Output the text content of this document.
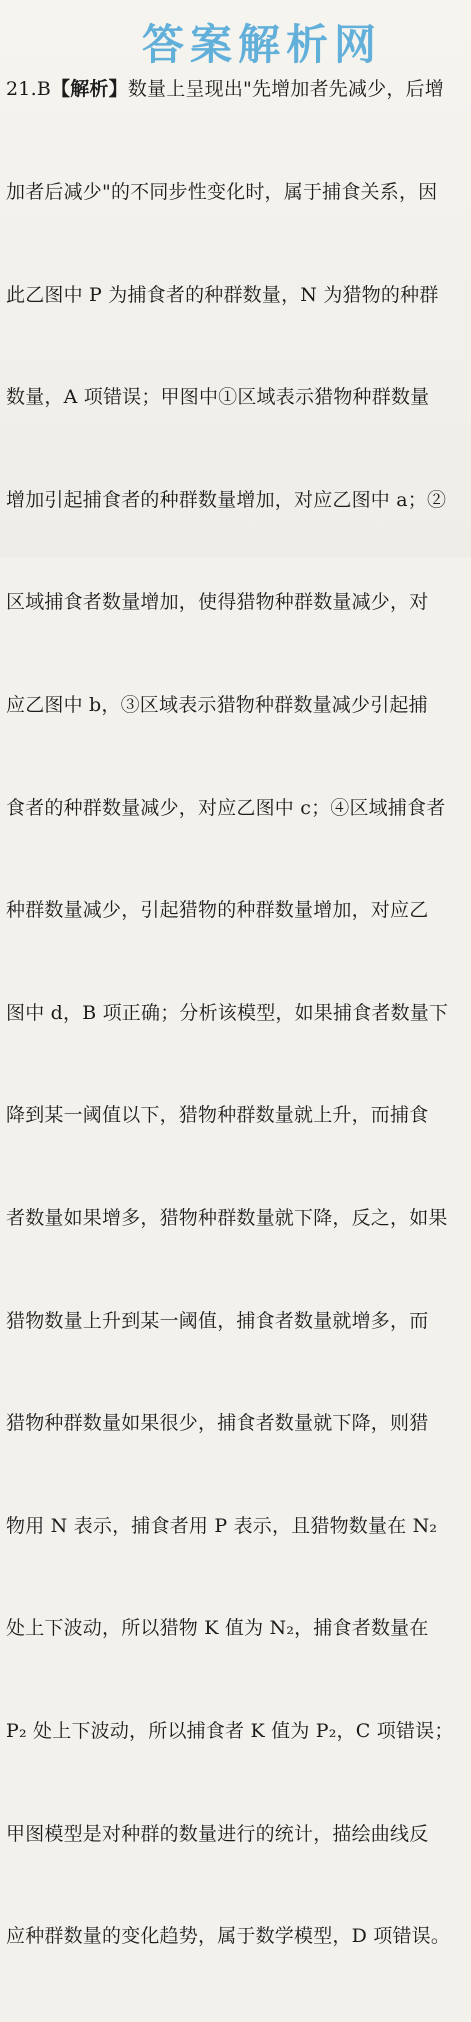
21.B【解析】数量上呈现出"先增加者先减少，后增

加者后减少"的不同步性变化时，属于捕食关系，因

此乙图中 P 为捕食者的种群数量，N 为猎物的种群

数量，A 项错误；甲图中①区域表示猎物种群数量

增加引起捕食者的种群数量增加，对应乙图中 a；②

区域捕食者数量增加，使得猎物种群数量减少，对

应乙图中 b，③区域表示猎物种群数量减少引起捕

食者的种群数量减少，对应乙图中 c；④区域捕食者

种群数量减少，引起猎物的种群数量增加，对应乙

图中 d，B 项正确；分析该模型，如果捕食者数量下

降到某一阈值以下，猎物种群数量就上升，而捕食

者数量如果增多，猎物种群数量就下降，反之，如果

猎物数量上升到某一阈值，捕食者数量就增多，而

猎物种群数量如果很少，捕食者数量就下降，则猎

物用 N 表示，捕食者用 P 表示，且猎物数量在 N₂

处上下波动，所以猎物 K 值为 N₂，捕食者数量在

P₂ 处上下波动，所以捕食者 K 值为 P₂，C 项错误；

甲图模型是对种群的数量进行的统计，描绘曲线反

应种群数量的变化趋势，属于数学模型，D 项错误。

答案解析网
